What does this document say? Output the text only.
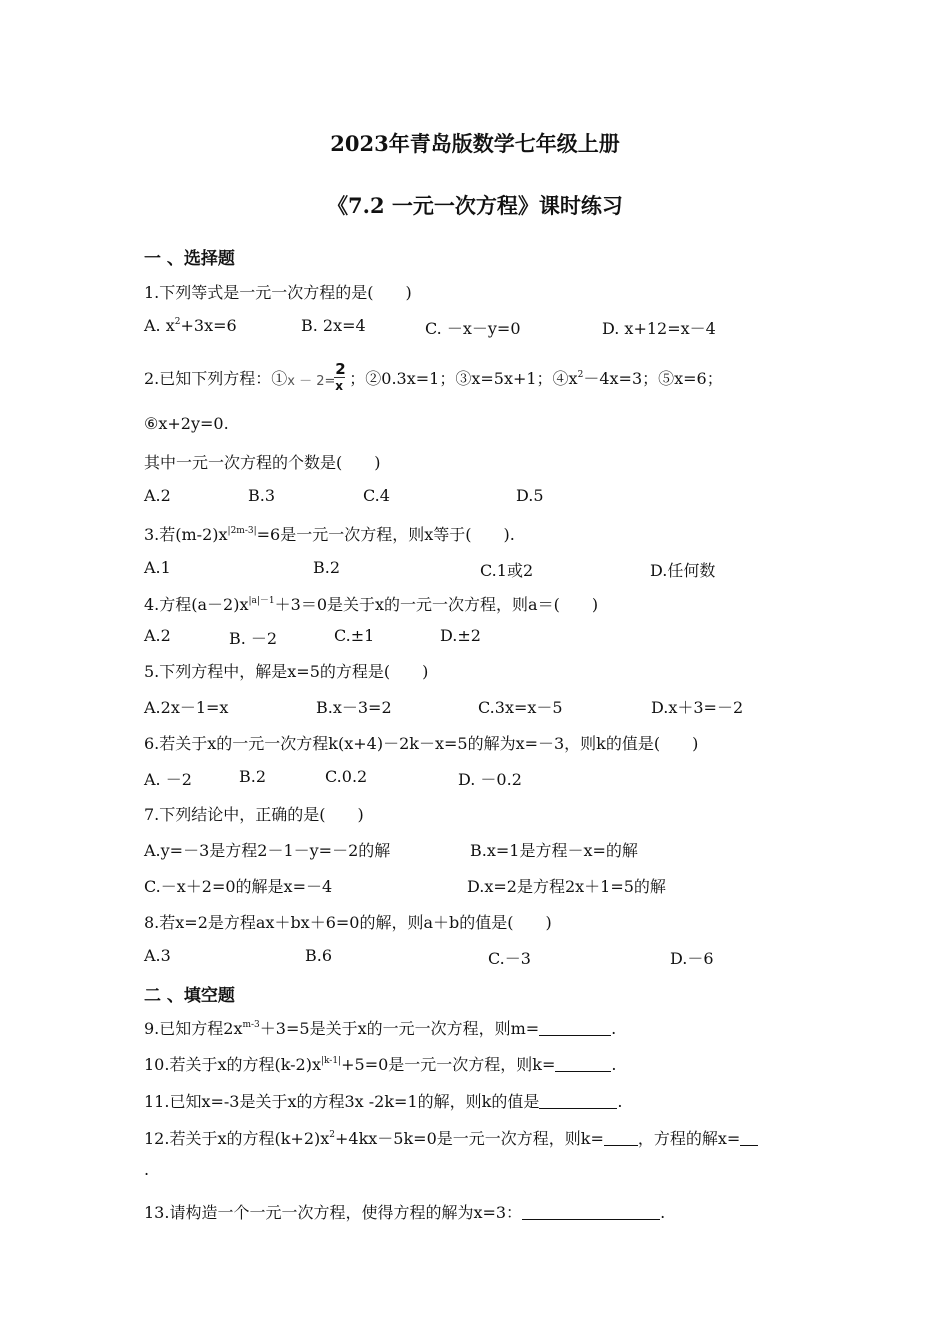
2023年青岛版数学七年级上册
《7.2 一元一次方程》课时练习
一 、选择题
1.下列等式是一元一次方程的是(　　)
A. $x^2+3x=6$	B. 2x=4	C. －x－y=0	D. x+12=x－4
2.已知下列方程：① x － 2=
2
x ；②0.3x=1；③x=5x+1；$④x^2-4x=3$；⑤x=6；
⑥x+2y=0.
其中一元一次方程的个数是(　　)
A.2	B.3	C.4	D.5
3.若$(m-2)x^{|2m-3|}=6$是一元一次方程，则x等于(　　).
A.1	B.2	C.1或2	D.任何数
4.方程$(a-2)x^{|a|-1}+3=0$是关于x的一元一次方程，则a＝(　　)
A.2	B. －2	C.±1	D.±2
5.下列方程中，解是x=5的方程是(　　)
A.2x－1=x	B.x－3=2	C.3x=x－5	D.x＋3=－2
6.若关于x的一元一次方程k(x+4)－2k－x=5的解为x=－3，则k的值是(　　)
A. －2	B.2	C.0.2	D. －0.2
7.下列结论中，正确的是(　　)
A.y=－3是方程2－1－y=－2的解	B.x=1是方程－x=的解
C.－x＋2=0的解是x=－4	D.x=2是方程2x＋1=5的解
8.若x=2是方程ax＋bx＋6=0的解，则a＋b的值是(　　)
A.3	B.6	C.－3	D.－6
二 、填空题
9.已知方程$2x^{m-3}+3=5$是关于x的一元一次方程，则m=	.
10.若关于x的方程$(k-2)x^{|k-1|}+5=0$是一元一次方程，则k=	.
11.已知x=-3是关于x的方程3x -2k=1的解，则k的值是	.
12.若关于x的方程$(k+2)x^2+4kx-5k=0$是一元一次方程，则k= ，方程的解x=
.
13.请构造一个一元一次方程，使得方程的解为x=3：	.
